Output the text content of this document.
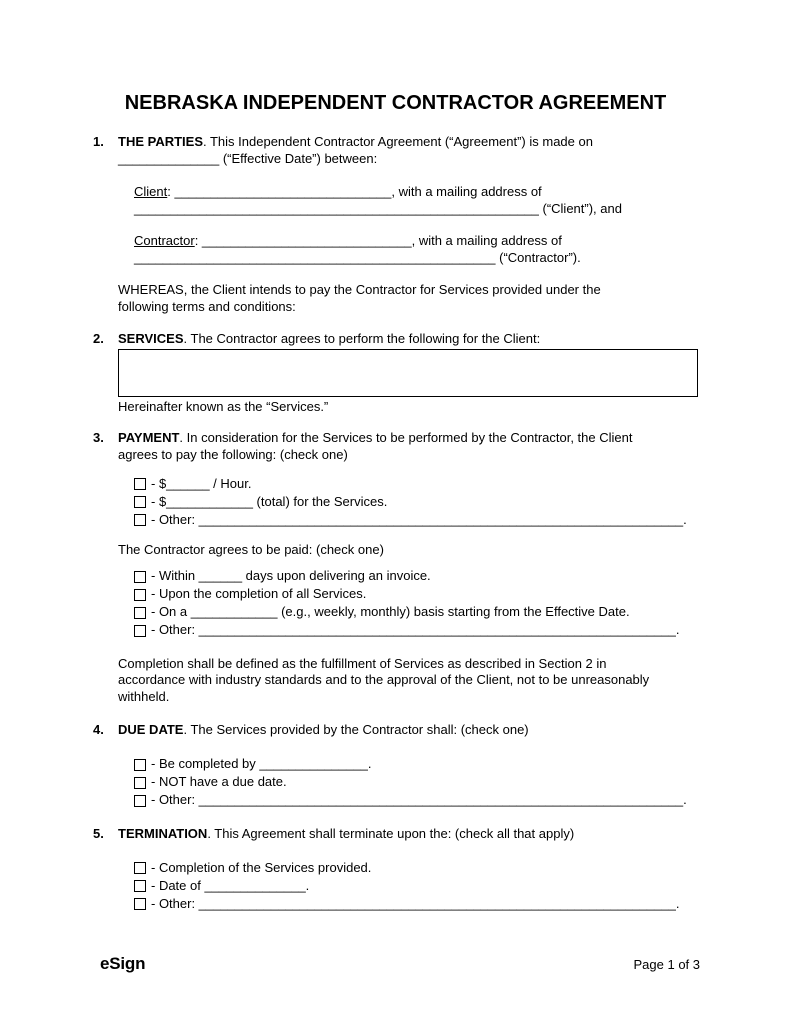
NEBRASKA INDEPENDENT CONTRACTOR AGREEMENT
1.	THE PARTIES. This Independent Contractor Agreement (“Agreement”) is made on
______________ (“Effective Date”) between:

Client: ______________________________, with a mailing address of
________________________________________________________ (“Client”), and

Contractor: _____________________________, with a mailing address of
__________________________________________________ (“Contractor”).

WHEREAS, the Client intends to pay the Contractor for Services provided under the
following terms and conditions:

2.	SERVICES. The Contractor agrees to perform the following for the Client:

Hereinafter known as the “Services.”

3.	PAYMENT. In consideration for the Services to be performed by the Contractor, the Client
agrees to pay the following: (check one)

- $______ / Hour.
- $____________ (total) for the Services.
- Other: ___________________________________________________________________.

The Contractor agrees to be paid: (check one)

- Within ______ days upon delivering an invoice.
- Upon the completion of all Services.
- On a ____________ (e.g., weekly, monthly) basis starting from the Effective Date.
- Other: __________________________________________________________________.

Completion shall be defined as the fulfillment of Services as described in Section 2 in
accordance with industry standards and to the approval of the Client, not to be unreasonably
withheld.

4.	DUE DATE. The Services provided by the Contractor shall: (check one)

- Be completed by _______________.
- NOT have a due date.
- Other: ___________________________________________________________________.
5.	TERMINATION. This Agreement shall terminate upon the: (check all that apply)

- Completion of the Services provided.
- Date of ______________.
- Other: __________________________________________________________________.
eSign	Page 1 of 3
